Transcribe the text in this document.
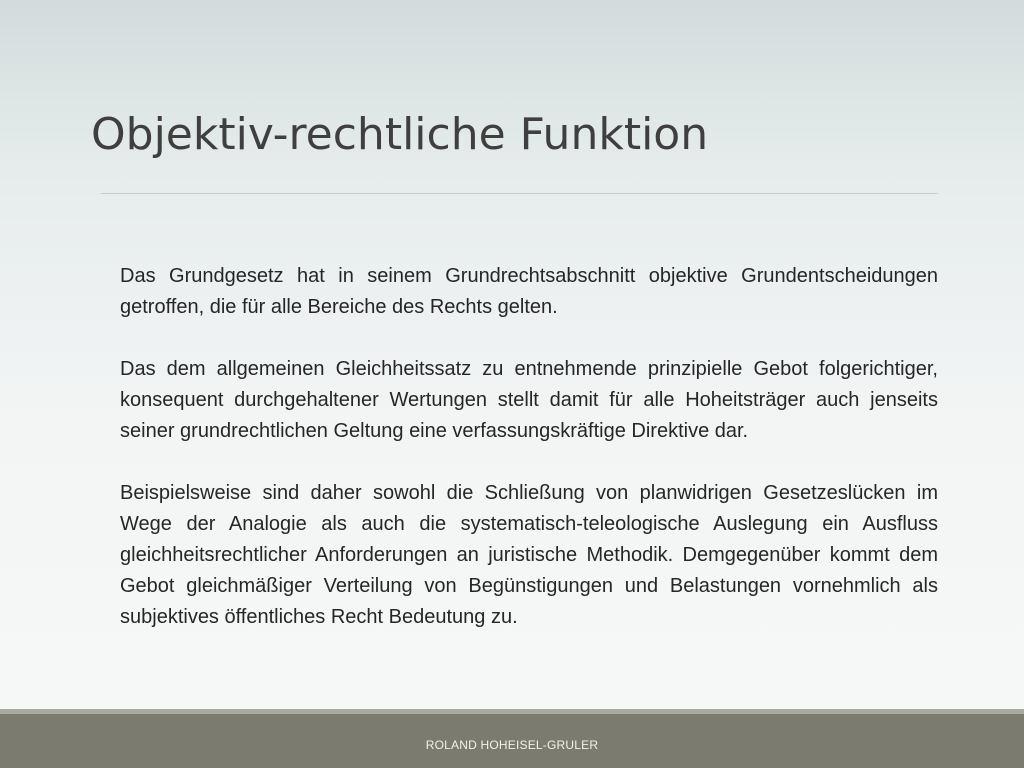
Objektiv-rechtliche Funktion

Das Grundgesetz hat in seinem Grundrechtsabschnitt objektive Grundentscheidungen getroffen, die für alle Bereiche des Rechts gelten.

Das dem allgemeinen Gleichheitssatz zu entnehmende prinzipielle Gebot folgerichtiger, konsequent durchgehaltener Wertungen stellt damit für alle Hoheitsträger auch jenseits seiner grundrechtlichen Geltung eine verfassungskräftige Direktive dar.

Beispielsweise sind daher sowohl die Schließung von planwidrigen Gesetzeslücken im Wege der Analogie als auch die systematisch-teleologische Auslegung ein Ausfluss gleichheitsrechtlicher Anforderungen an juristische Methodik. Demgegenüber kommt dem Gebot gleichmäßiger Verteilung von Begünstigungen und Belastungen vornehmlich als subjektives öffentliches Recht Bedeutung zu.

ROLAND HOHEISEL-GRULER
